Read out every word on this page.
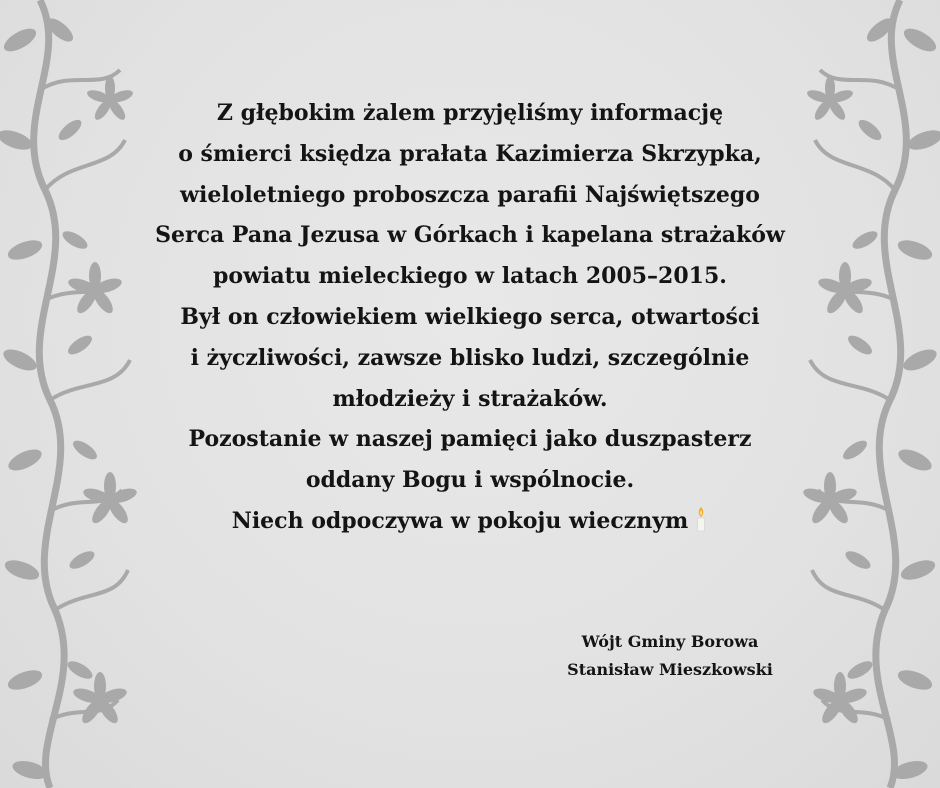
Z głębokim żalem przyjęliśmy informację
o śmierci księdza prałata Kazimierza Skrzypka,
wieloletniego proboszcza parafii Najświętszego
Serca Pana Jezusa w Górkach i kapelana strażaków
powiatu mieleckiego w latach 2005–2015.
Był on człowiekiem wielkiego serca, otwartości
i życzliwości, zawsze blisko ludzi, szczególnie
młodzieży i strażaków.
Pozostanie w naszej pamięci jako duszpasterz
oddany Bogu i wspólnocie.
Niech odpoczywa w pokoju wiecznym
Wójt Gminy Borowa
Stanisław Mieszkowski
